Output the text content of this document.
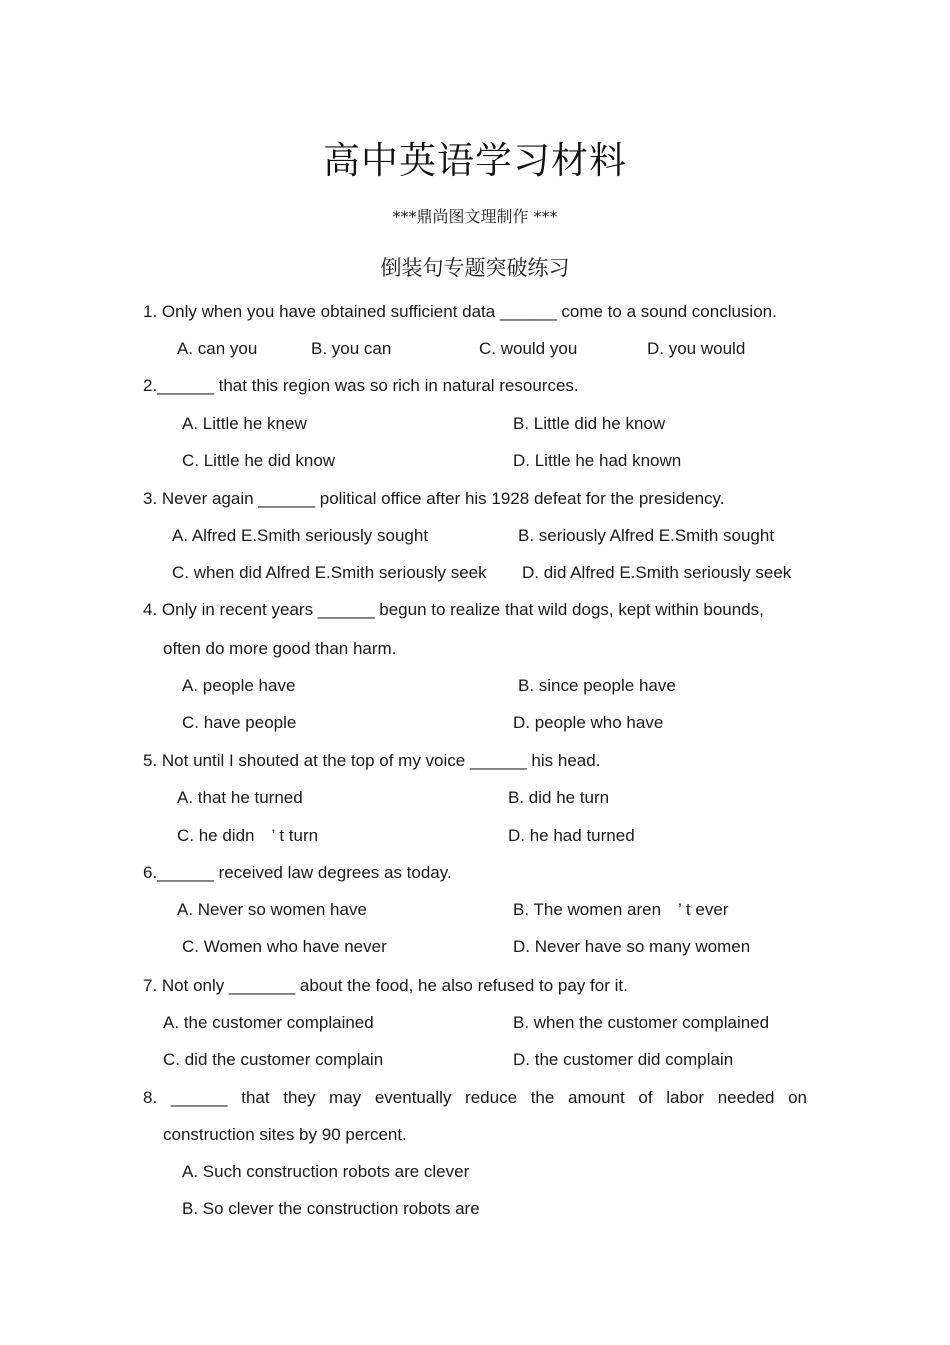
高中英语学习材料
***鼎尚图文理制作 ***
倒装句专题突破练习
1. Only when you have obtained sufficient data ______ come to a sound conclusion.
A. can you	B. you can	C. would you	D. you would
2.______ that this region was so rich in natural resources.
A. Little he knew	B. Little did he know
C. Little he did know	D. Little he had known
3. Never again ______ political office after his 1928 defeat for the presidency.
A. Alfred E.Smith seriously sought	B. seriously Alfred E.Smith sought
C. when did Alfred E.Smith seriously seek D. did Alfred E.Smith seriously seek
4. Only in recent years ______ begun to realize that wild dogs, kept within bounds,
often do more good than harm.
A. people have	B. since people have
C. have people	D. people who have
5. Not until I shouted at the top of my voice ______ his head.
A. that he turned	B. did he turn
C. he didn　’ t turn	D. he had turned
6.______ received law degrees as today.
A. Never so women have	B. The women aren　’ t ever
C. Women who have never	D. Never have so many women
7. Not only _______ about the food, he also refused to pay for it.
A. the customer complained	B. when the customer complained
C. did the customer complain	D. the customer did complain
8. ______ that they may eventually reduce the amount of labor needed on
construction sites by 90 percent.
A. Such construction robots are clever
B. So clever the construction robots are
